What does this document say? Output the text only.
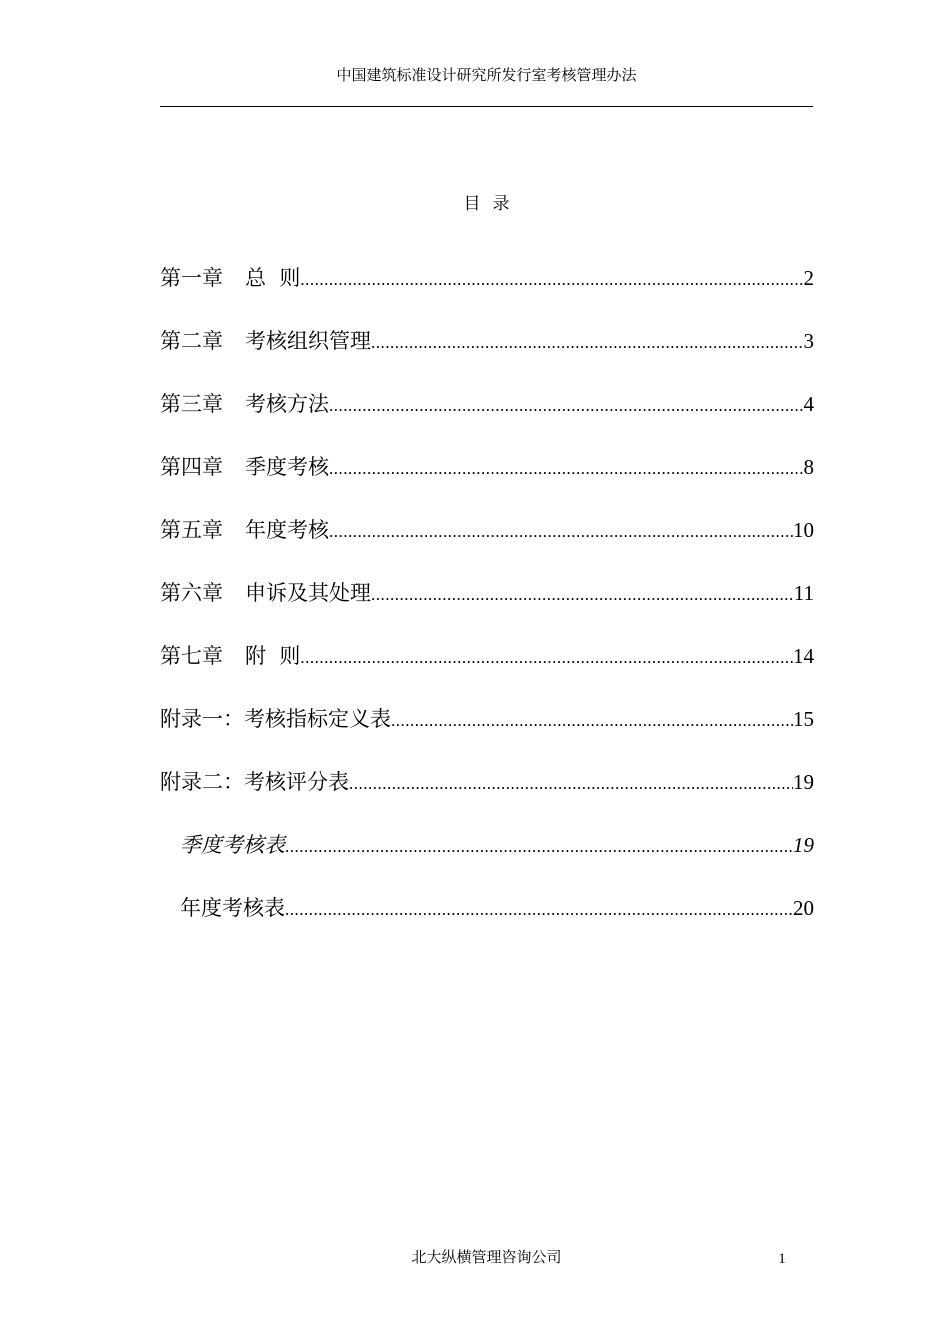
中国建筑标准设计研究所发行室考核管理办法
目录
第一章 总  则 .....	2
第二章 考核组织管理 .....	3
第三章 考核方法 .....	4
第四章 季度考核 .....	8
第五章 年度考核 .....	10
第六章 申诉及其处理 .....	11
第七章 附  则 .....	14
附录一：考核指标定义表 .....	15
附录二：考核评分表 .....	19
季度考核表 .....	19
年度考核表 .....	20
北大纵横管理咨询公司	1
